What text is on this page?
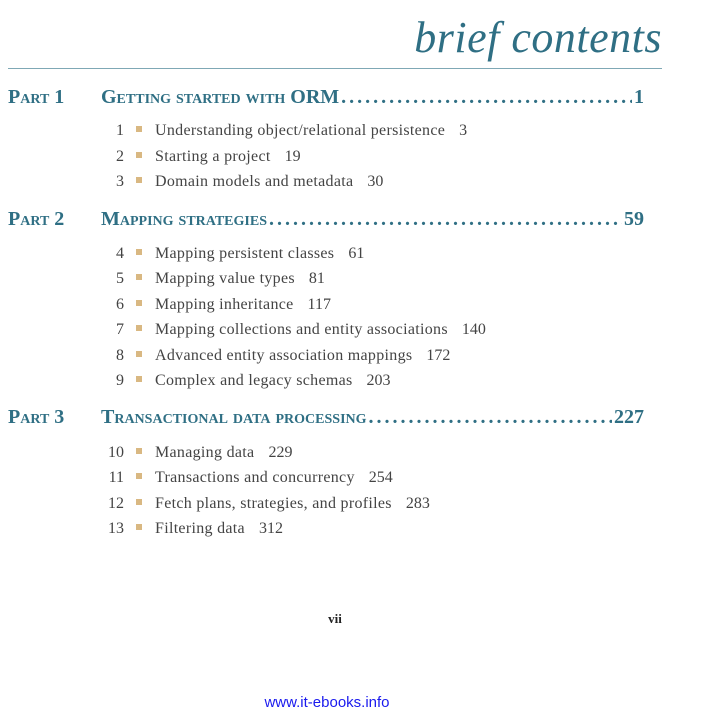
brief contents
Part 1	Getting started with ORM . . .	1
1 Understanding object/relational persistence 3
2 Starting a project 19
3 Domain models and metadata 30
Part 2	Mapping strategies . . .	59
4 Mapping persistent classes 61
5 Mapping value types 81
6 Mapping inheritance 117
7 Mapping collections and entity associations 140
8 Advanced entity association mappings 172
9 Complex and legacy schemas 203
Part 3	Transactional data processing . . .	227
10 Managing data 229
11 Transactions and concurrency 254
12 Fetch plans, strategies, and profiles 283
13 Filtering data 312
vii
www.it-ebooks.info
